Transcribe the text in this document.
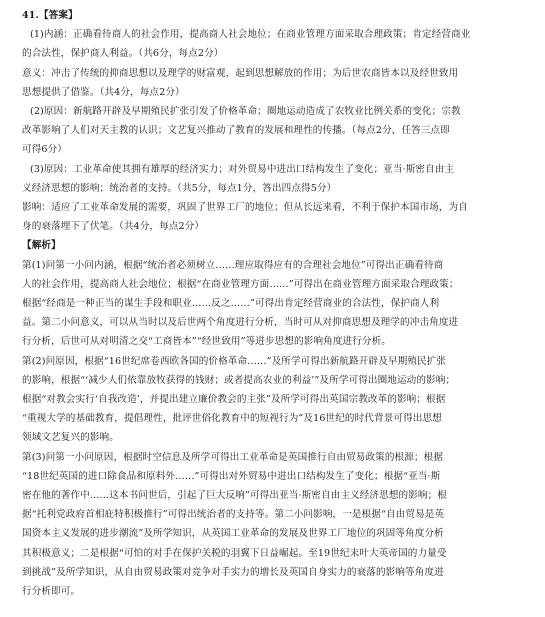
41.【答案】
(1)内涵：正确看待商人的社会作用，提高商人社会地位；在商业管理方面采取合理政策；肯定经营商业
的合法性，保护商人利益。（共6分，每点2分）
意义：冲击了传统的抑商思想以及理学的财富观，起到思想解放的作用；为后世农商皆本以及经世致用
思想提供了借鉴。（共4分，每点2分）
(2)原因：新航路开辟及早期殖民扩张引发了价格革命；圈地运动造成了农牧业比例关系的变化；宗教
改革影响了人们对天主教的认识；文艺复兴推动了教育的发展和理性的传播。（每点2分，任答三点即
可得6分）
(3)原因：工业革命使其拥有雄厚的经济实力；对外贸易中进出口结构发生了变化；亚当·斯密自由主
义经济思想的影响；统治者的支持。（共5分，每点1分，答出四点得5分）
影响：适应了工业革命发展的需要，巩固了世界工厂的地位；但从长远来看，不利于保护本国市场，为自
身的衰落埋下了伏笔。（共4分，每点2分）
【解析】
第(1)问第一小问内涵，根据“统治者必须树立……理应取得应有的合理社会地位”可得出正确看待商
人的社会作用，提高商人社会地位；根据“在商业管理方面……”可得出在商业管理方面采取合理政策；
根据“经商是一种正当的谋生手段和职业……反之……”可得出肯定经营商业的合法性，保护商人利
益。第二小问意义，可以从当时以及后世两个角度进行分析，当时可从对抑商思想及理学的冲击角度进
行分析，后世可从对明清之交“工商皆本”“经世致用”等进步思想的影响角度进行分析。
第(2)问原因，根据“16世纪席卷西欧各国的价格革命……”及所学可得出新航路开辟及早期殖民扩张
的影响，根据“‘减少人们依靠放牧获得的钱财；或者提高农业的利益’”及所学可得出圈地运动的影响；
根据“对教会实行‘自我改造’，并提出建立廉价教会的主张”及所学可得出英国宗教改革的影响；根据
“重视大学的基础教育，提倡理性，批评世俗化教育中的短视行为”及16世纪的时代背景可得出思想
领域文艺复兴的影响。
第(3)问第一小问原因，根据时空信息及所学可得出工业革命是英国推行自由贸易政策的根源；根据
“18世纪英国的进口除食品和原料外……”可得出对外贸易中进出口结构发生了变化；根据“亚当·斯
密在他的著作中……这本书问世后，引起了巨大反响”可得出亚当·斯密自由主义经济思想的影响；根
据“托利党政府首相庇特积极推行”可得出统治者的支持等。第二小问影响，一是根据“自由贸易是英
国资本主义发展的进步潮流”及所学知识，从英国工业革命的发展及世界工厂地位的巩固等角度分析
其积极意义；二是根据“可怕的对手在保护关税的羽翼下日益崛起。至19世纪末叶大英帝国的力量受
到挑战”及所学知识，从自由贸易政策对竞争对手实力的增长及英国自身实力的衰落的影响等角度进
行分析即可。
